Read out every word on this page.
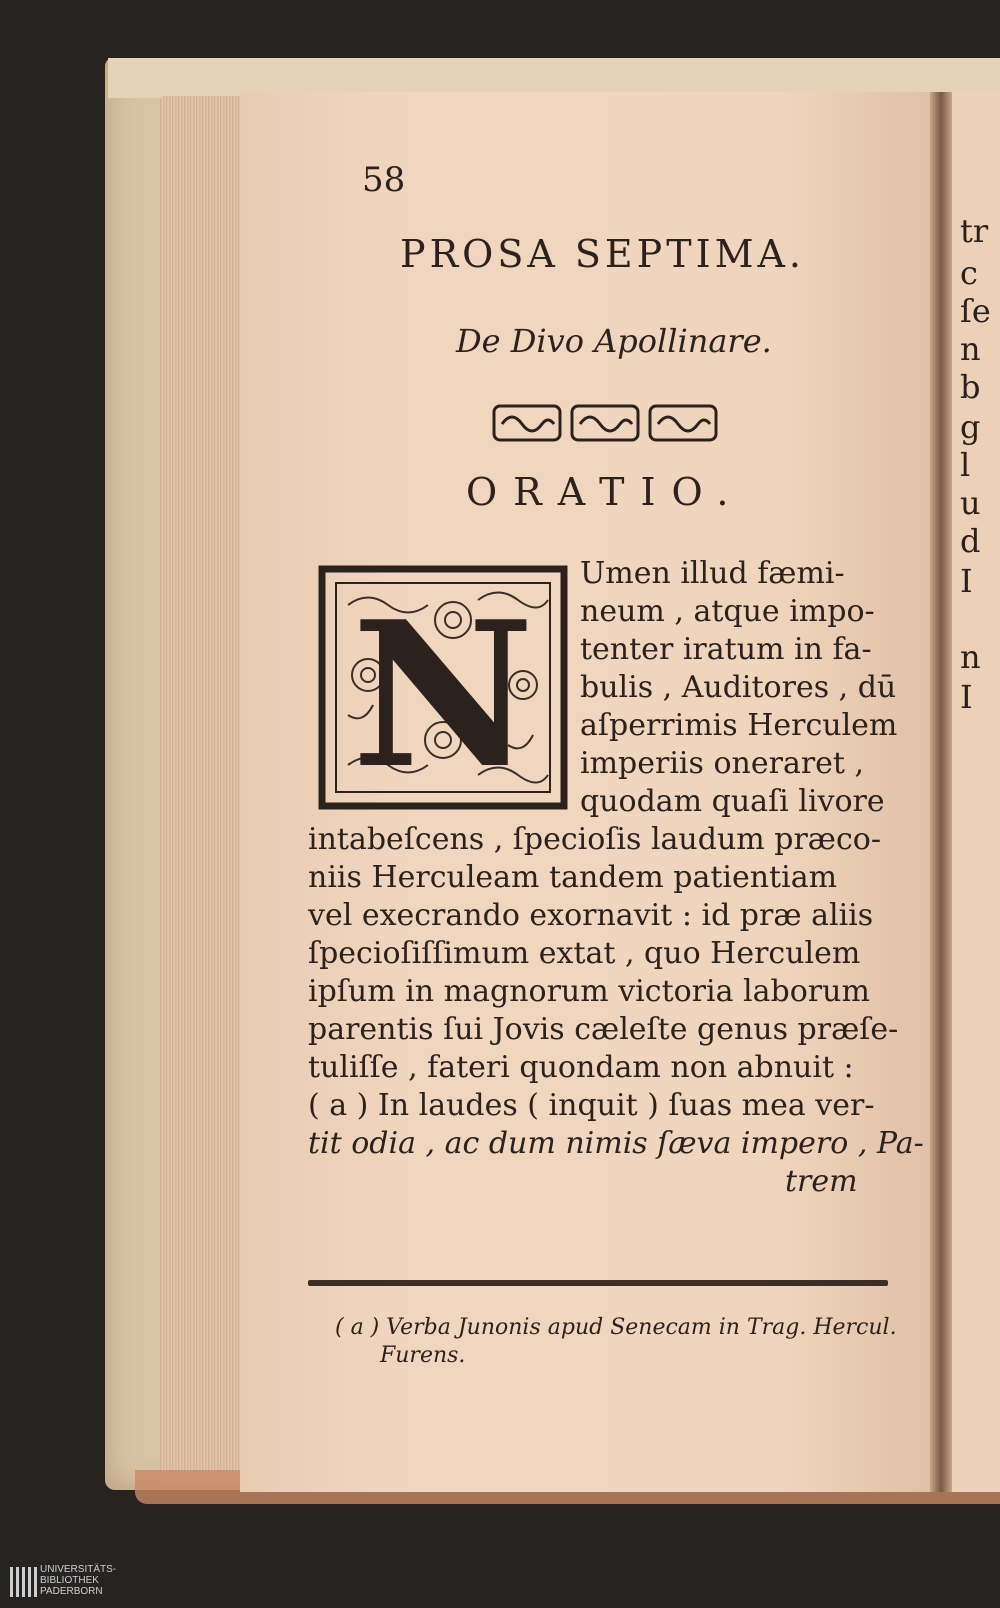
tr
c
ſe
n
b
g
l
u
d
I
n
I
58
PROSA SEPTIMA.
De Divo Apollinare.
ORATIO.
N
Umen illud fæmi-
neum , atque impo-
tenter iratum in fa-
bulis , Auditores , dū
aſperrimis Herculem
imperiis oneraret ,
quodam quaſi livore
intabeſcens , ſpecioſis laudum præco-
niis Herculeam tandem patientiam
vel execrando exornavit : id præ aliis
ſpecioſiſſimum extat , quo Herculem
ipſum in magnorum victoria laborum
parentis ſui Jovis cæleſte genus præſe-
tuliſſe , fateri quondam non abnuit :
( a ) In laudes ( inquit ) ſuas mea ver-
tit odia , ac dum nimis ſæva impero , Pa-
trem
( a ) Verba Junonis apud Senecam in Trag. Hercul.
Furens.
UNIVERSITÄTS-
BIBLIOTHEK
PADERBORN
